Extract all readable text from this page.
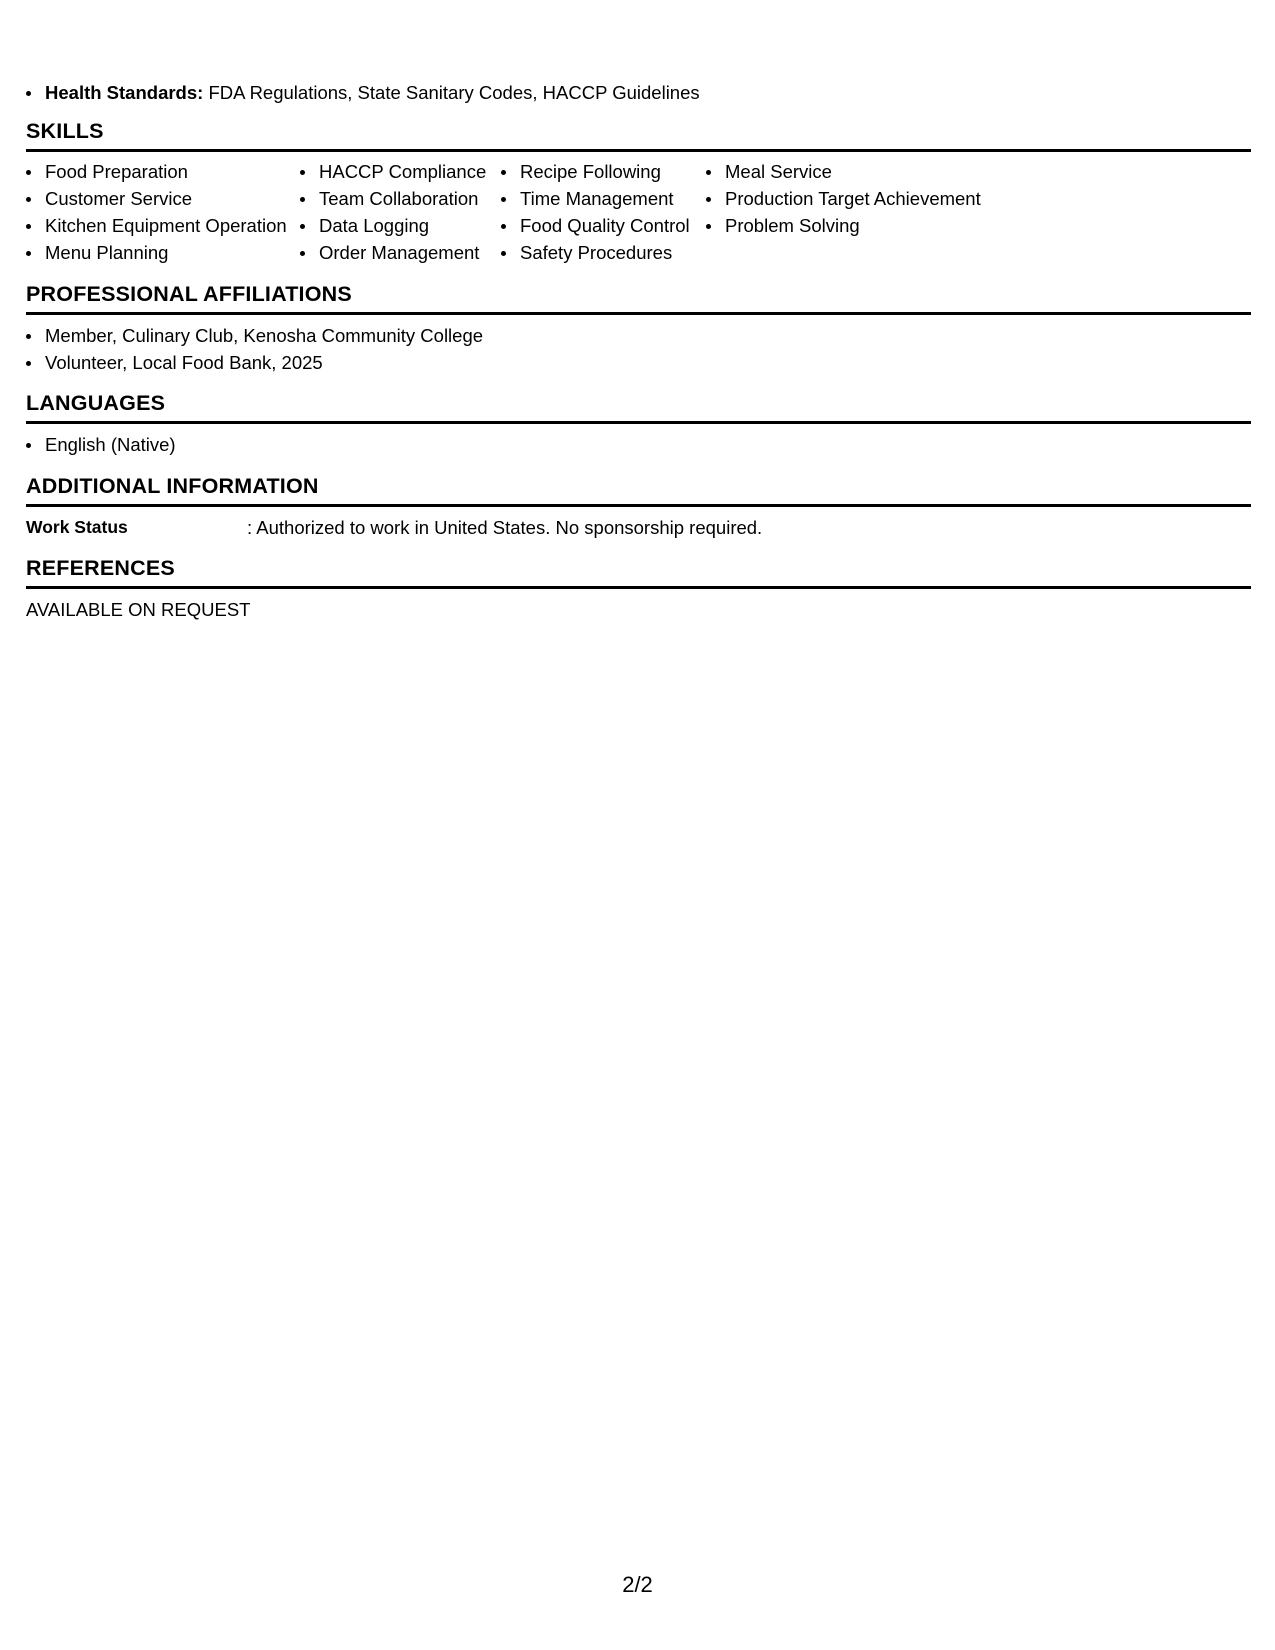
Health Standards: FDA Regulations, State Sanitary Codes, HACCP Guidelines
SKILLS
Food Preparation
Customer Service
Kitchen Equipment Operation
Menu Planning
HACCP Compliance
Team Collaboration
Data Logging
Order Management
Recipe Following
Time Management
Food Quality Control
Safety Procedures
Meal Service
Production Target Achievement
Problem Solving
PROFESSIONAL AFFILIATIONS
Member, Culinary Club, Kenosha Community College
Volunteer, Local Food Bank, 2025
LANGUAGES
English (Native)
ADDITIONAL INFORMATION
Work Status	: Authorized to work in United States. No sponsorship required.
REFERENCES
AVAILABLE ON REQUEST
2/2
